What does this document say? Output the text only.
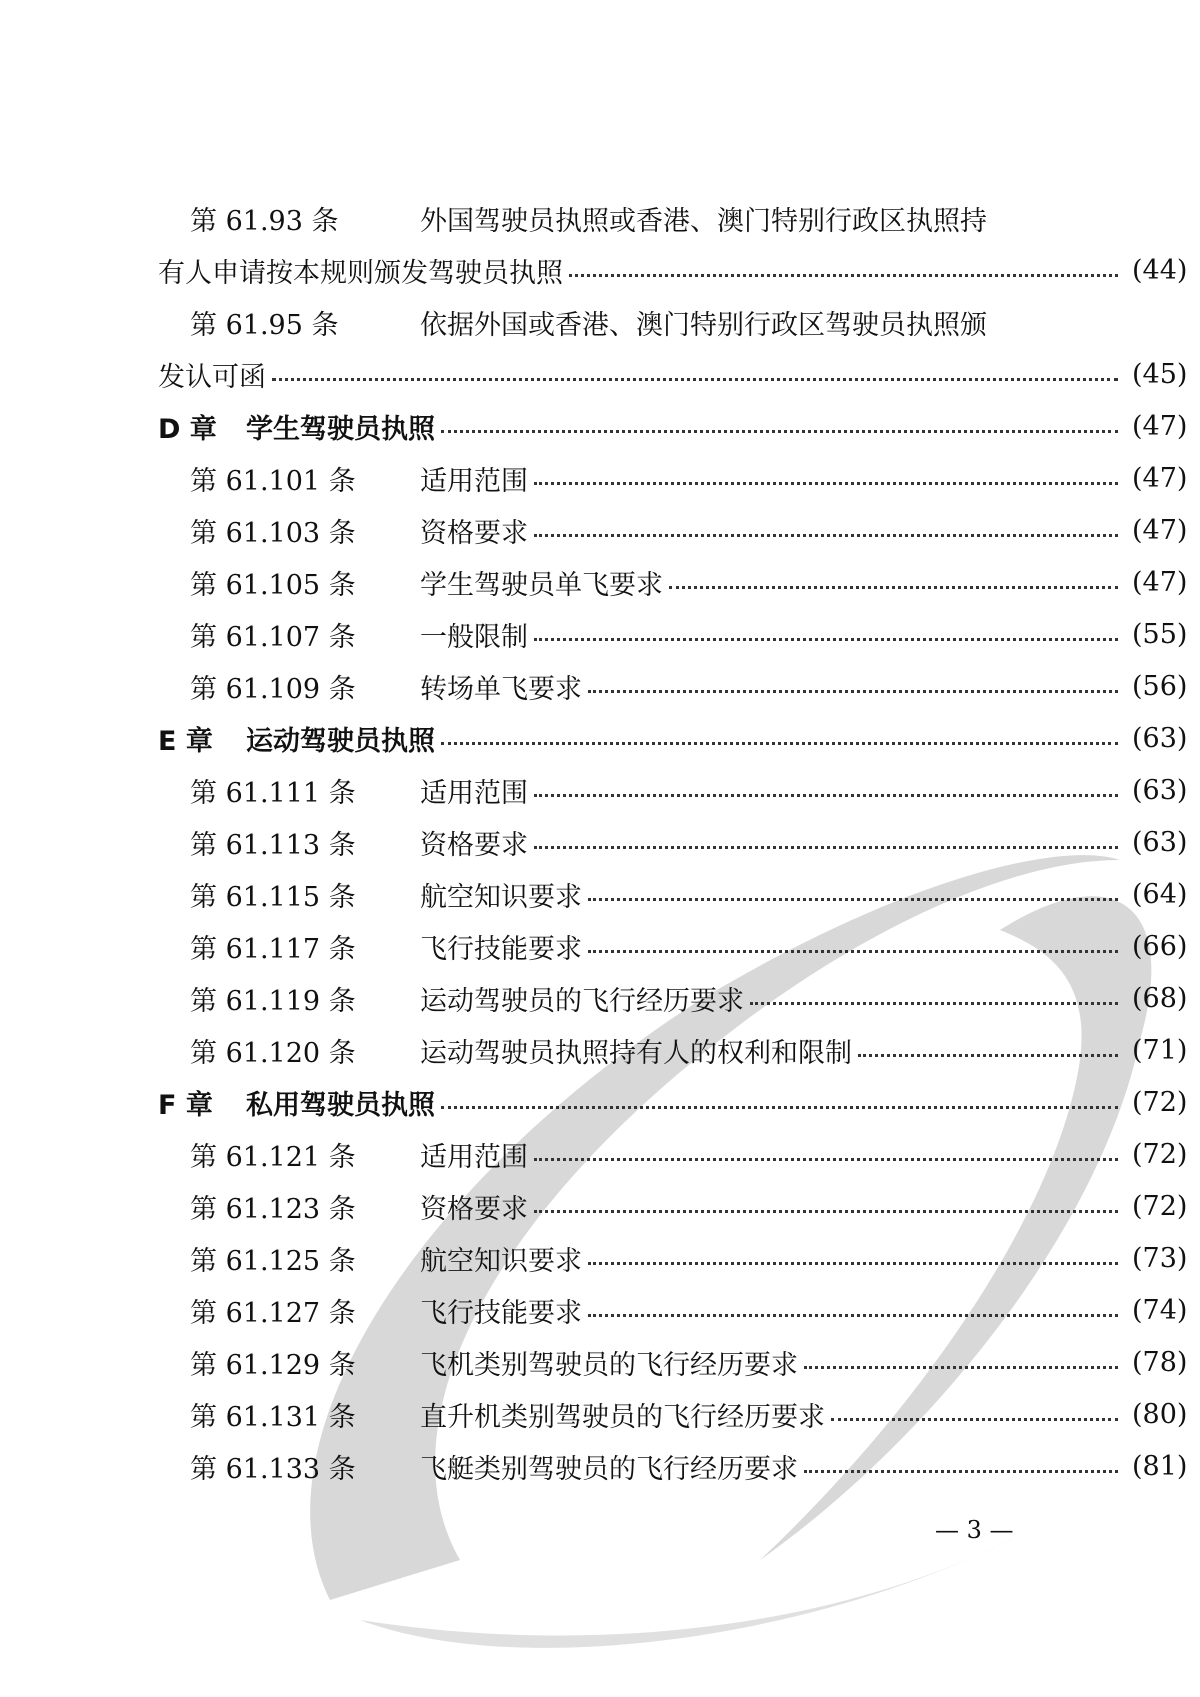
第 61.93 条	外国驾驶员执照或香港、澳门特别行政区执照持
有人申请按本规则颁发驾驶员执照	(44)
第 61.95 条	依据外国或香港、澳门特别行政区驾驶员执照颁
发认可函	(45)
D 章	学生驾驶员执照	(47)
第 61.101 条	适用范围	(47)
第 61.103 条	资格要求	(47)
第 61.105 条	学生驾驶员单飞要求	(47)
第 61.107 条	一般限制	(55)
第 61.109 条	转场单飞要求	(56)
E 章	运动驾驶员执照	(63)
第 61.111 条	适用范围	(63)
第 61.113 条	资格要求	(63)
第 61.115 条	航空知识要求	(64)
第 61.117 条	飞行技能要求	(66)
第 61.119 条	运动驾驶员的飞行经历要求	(68)
第 61.120 条	运动驾驶员执照持有人的权利和限制	(71)
F 章	私用驾驶员执照	(72)
第 61.121 条	适用范围	(72)
第 61.123 条	资格要求	(72)
第 61.125 条	航空知识要求	(73)
第 61.127 条	飞行技能要求	(74)
第 61.129 条	飞机类别驾驶员的飞行经历要求	(78)
第 61.131 条	直升机类别驾驶员的飞行经历要求	(80)
第 61.133 条	飞艇类别驾驶员的飞行经历要求	(81)
— 3 —
